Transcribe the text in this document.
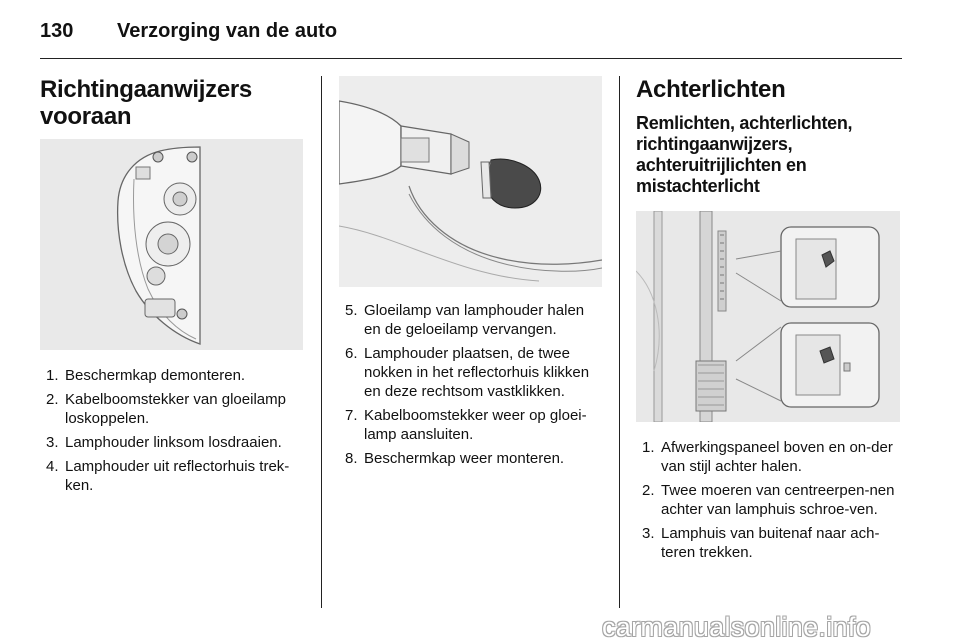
130 Verzorging van de auto
Richtingaanwijzers
vooraan
1. Beschermkap demonteren.
2. Kabelboomstekker van gloeilamp loskoppelen.
3. Lamphouder linksom losdraaien.
4. Lamphouder uit reflectorhuis trek-ken.
5. Gloeilamp van lamphouder halen en de geloeilamp vervangen.
6. Lamphouder plaatsen, de twee nokken in het reflectorhuis klikken en deze rechtsom vastklikken.
7. Kabelboomstekker weer op gloei-lamp aansluiten.
8. Beschermkap weer monteren.
Achterlichten
Remlichten, achterlichten,
richtingaanwijzers,
achteruitrijlichten en
mistachterlicht
1. Afwerkingspaneel boven en on-der van stijl achter halen.
2. Twee moeren van centreerpen-nen achter van lamphuis schroe-ven.
3. Lamphuis van buitenaf naar ach-teren trekken.
carmanualsonline.info
